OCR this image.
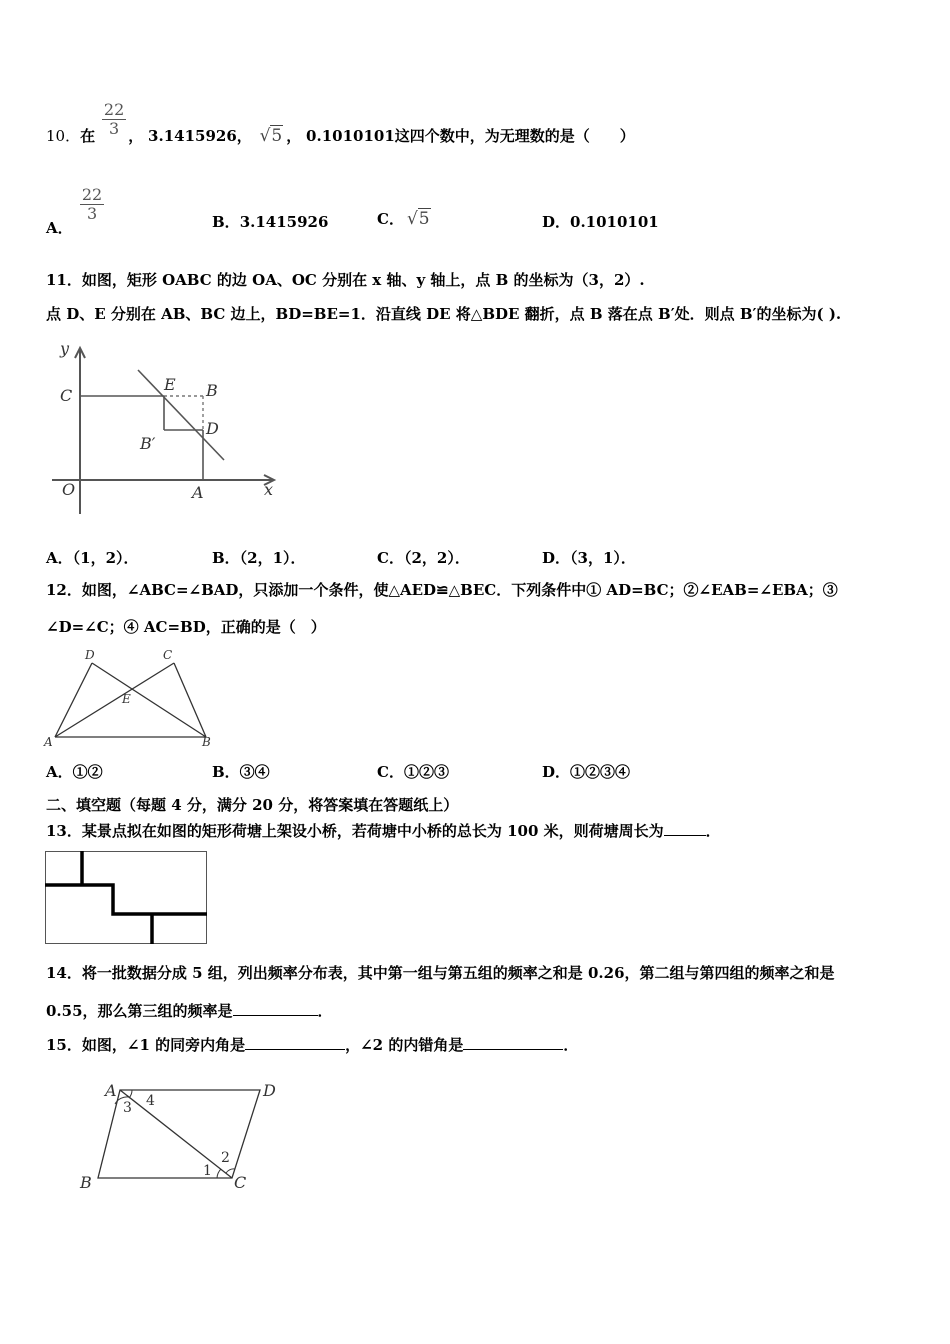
10．在 $\frac{22}{3}$ ， 3.1415926， √5 ， 0.1010101这四个数中，为无理数的是（　　）
A．
$\frac{22}{3}$	B．3.1415926	C． √5	D．0.1010101
11．如图，矩形 OABC 的边 OA、OC 分别在 x 轴、y 轴上，点 B 的坐标为（3，2）.
点 D、E 分别在 AB、BC 边上，BD=BE=1．沿直线 DE 将△BDE 翻折，点 B 落在点 B′处．则点 B′的坐标为( ).
y
C
E B
D
B′
O	A	x
A．（1，2）．	B．（2，1）．	C．（2，2）．	D．（3，1）．
12．如图，∠ABC=∠BAD，只添加一个条件，使△AED≌△BEC．下列条件中① AD=BC；②∠EAB=∠EBA；③
∠D=∠C；④ AC=BD，正确的是（　）
D	C
E
A	B
A．①②	B．③④	C．①②③	D．①②③④
二、填空题（每题 4 分，满分 20 分，将答案填在答题纸上）
13．某景点拟在如图的矩形荷塘上架设小桥，若荷塘中小桥的总长为 100 米，则荷塘周长为	．
14．将一批数据分成 5 组，列出频率分布表，其中第一组与第五组的频率之和是 0.26，第二组与第四组的频率之和是
0.55，那么第三组的频率是	．
15．如图，∠1 的同旁内角是	，∠2 的内错角是	．
A	D
B	C
3 4
1
2
